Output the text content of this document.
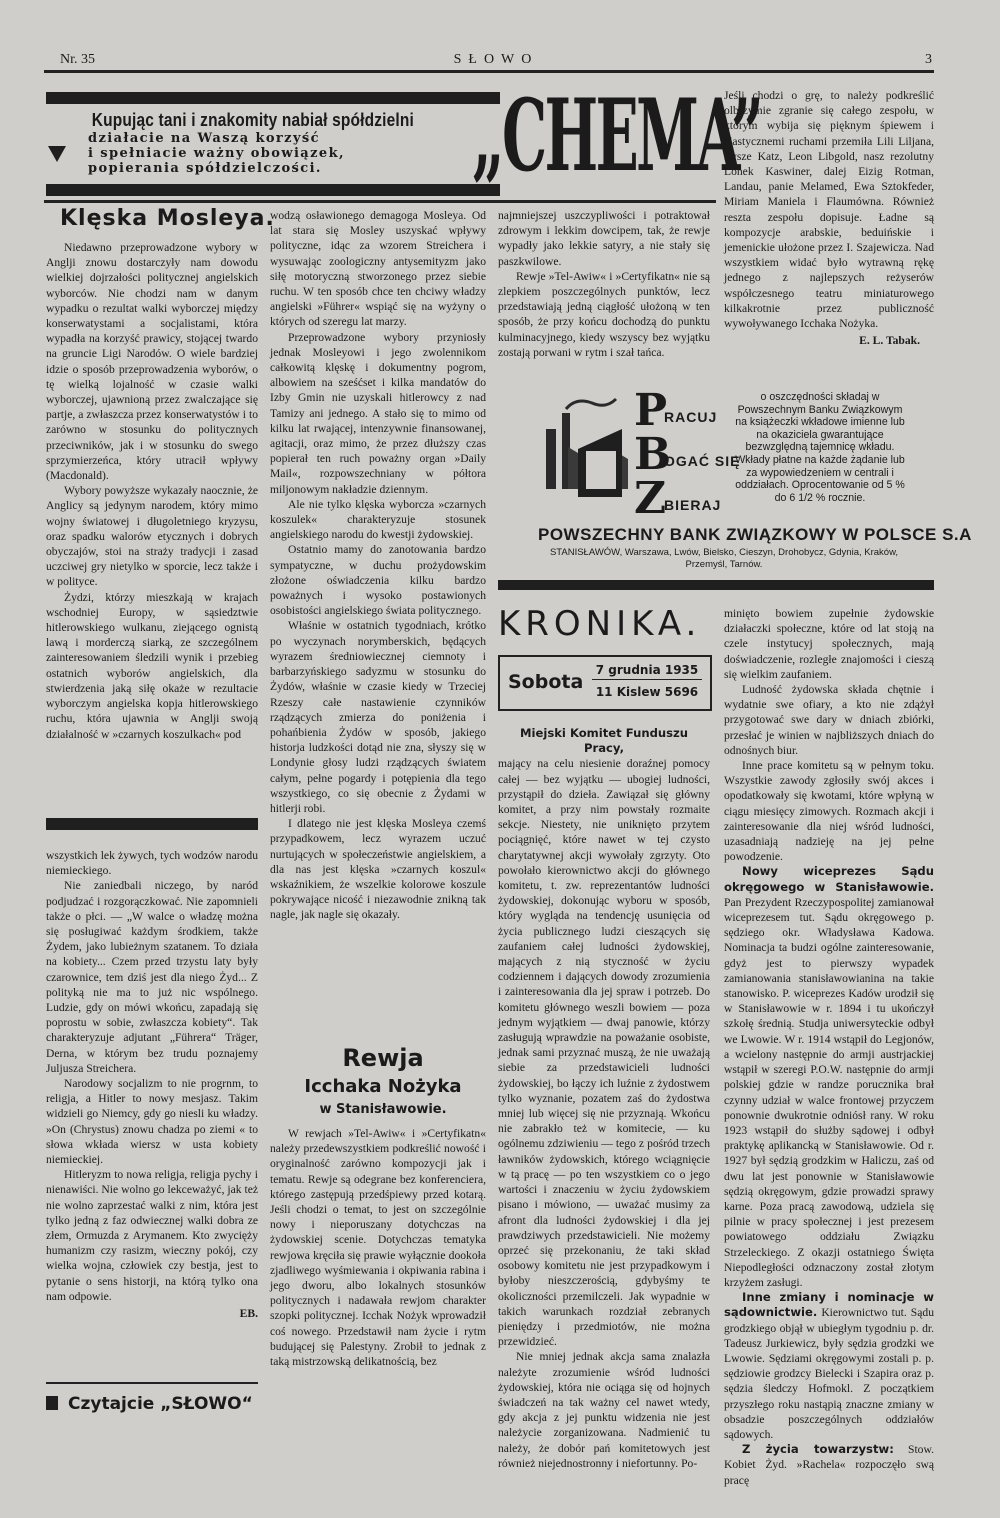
Nr. 35	SŁOWO	3
Kupując tani i znakomity nabiał spółdzielni
działacie na Waszą korzyść
i spełniacie ważny obowiązek,
popierania spółdzielczości.	„CHEMA”
Klęska Mosleya.

Niedawno przeprowadzone wybory w Anglji znowu dostarczyły nam dowodu wielkiej dojrzałości politycznej angielskich wyborców. Nie chodzi nam w danym wypadku o rezultat walki wyborczej między konserwatystami a socjalistami, która wypadła na korzyść prawicy, stojącej twardo na gruncie Ligi Narodów. O wiele bardziej idzie o sposób przeprowadzenia wyborów, o tę wielką lojalność w czasie walki wyborczej, ujawnioną przez zwalczające się partje, a zwłaszcza przez konserwatystów i to zarówno w stosunku do politycznych przeciwników, jak i w stosunku do swego sprzymierzeńca, który utracił wpływy (Macdonald).

Wybory powyższe wykazały naocznie, że Anglicy są jedynym narodem, który mimo wojny światowej i długoletniego kryzysu, oraz spadku walorów etycznych i dobrych obyczajów, stoi na straży tradycji i zasad uczciwej gry nietylko w sporcie, lecz także i w polityce.

Żydzi, którzy mieszkają w krajach wschodniej Europy, w sąsiedztwie hitlerowskiego wulkanu, ziejącego ognistą lawą i morderczą siarką, ze szczególnem zainteresowaniem śledzili wynik i przebieg ostatnich wyborów angielskich, dla stwierdzenia jaką siłę okaże w rezultacie wyborczym angielska kopja hitlerowskiego ruchu, która ujawnia w Anglji swoją działalność w »czarnych koszulkach« pod

wszystkich lek żywych, tych wodzów narodu niemieckiego.

Nie zaniedbali niczego, by naród podjudzać i rozgorączkować. Nie zapomnieli także o płci. — „W walce o władzę można się posługiwać każdym środkiem, także Żydem, jako lubieżnym szatanem. To działa na kobiety... Czem przed trzystu laty były czarownice, tem dziś jest dla niego Żyd... Z polityką nie ma to już nic wspólnego. Ludzie, gdy on mówi wkońcu, zapadają się poprostu w sobie, zwłaszcza kobiety“. Tak charakteryzuje adjutant „Führera“ Träger, Derna, w którym bez trudu poznajemy Juljusza Streichera.

Narodowy socjalizm to nie progrnm, to religja, a Hitler to nowy mesjasz. Takim widzieli go Niemcy, gdy go niesli ku władzy. »On (Chrystus) znowu chadza po ziemi « to słowa wkłada wiersz w usta kobiety niemieckiej.

Hitleryzm to nowa religja, religja pychy i nienawiści. Nie wolno go lekceważyć, jak też nie wolno zaprzestać walki z nim, która jest tylko jedną z faz odwiecznej walki dobra ze złem, Ormuzda z Arymanem. Kto zwycięży humanizm czy rasizm, wieczny pokój, czy wielka wojna, człowiek czy bestja, jest to pytanie o sens historji, na którą tylko ona nam odpowie.

EB.

Czytajcie „SŁOWO“

wodzą osławionego demagoga Mosleya. Od lat stara się Mosley uszyskać wpływy polityczne, idąc za wzorem Streichera i wysuwając zoologiczny antysemityzm jako siłę motoryczną stworzonego przez siebie ruchu. W ten sposób chce ten chciwy władzy angielski »Führer« wspiąć się na wyżyny o których od szeregu lat marzy.

Przeprowadzone wybory przyniosły jednak Mosleyowi i jego zwolennikom całkowitą klęskę i dokumentny pogrom, albowiem na sześćset i kilka mandatów do Izby Gmin nie uzyskali hitlerowcy z nad Tamizy ani jednego. A stało się to mimo od kilku lat rwającej, intenzywnie finansowanej, agitacji, oraz mimo, że przez dłuższy czas popierał ten ruch poważny organ »Daily Mail«, rozpowszechniany w półtora miljonowym nakładzie dziennym.

Ale nie tylko klęska wyborcza »czarnych koszulek« charakteryzuje stosunek angielskiego narodu do kwestji żydowskiej.

Ostatnio mamy do zanotowania bardzo sympatyczne, w duchu prożydowskim złożone oświadczenia kilku bardzo poważnych i wysoko postawionych osobistości angielskiego świata politycznego.

Właśnie w ostatnich tygodniach, krótko po wyczynach norymberskich, będących wyrazem średniowiecznej ciemnoty i barbarzyńskiego sadyzmu w stosunku do Żydów, właśnie w czasie kiedy w Trzeciej Rzeszy całe nastawienie czynników rządzących zmierza do poniżenia i pohańbienia Żydów w sposób, jakiego historja ludzkości dotąd nie zna, słyszy się w Londynie głosy ludzi rządzących światem całym, pełne pogardy i potępienia dla tego wszystkiego, co się obecnie z Żydami w hitlerji robi.

I dlatego nie jest klęska Mosleya czemś przypadkowem, lecz wyrazem uczuć nurtujących w społeczeństwie angielskiem, a dla nas jest klęska »czarnych koszul« wskaźnikiem, że wszelkie kolorowe koszule pokrywające nicość i niezawodnie znikną tak nagle, jak nagle się okazały.

Rewja
Icchaka Nożyka
w Stanisławowie.

W rewjach »Tel-Awiw« i »Certyfikatn« należy przedewszystkiem podkreślić nowość i oryginalność zarówno kompozycji jak i tematu. Rewje są odegrane bez konferenciera, którego zastępują przedśpiewy przed kotarą. Jeśli chodzi o temat, to jest on szczególnie nowy i nieporuszany dotychczas na żydowskiej scenie. Dotychczas tematyka rewjowa kręciła się prawie wyłącznie dookoła zjadliwego wyśmiewania i okpiwania rabina i jego dworu, albo lokalnych stosunków politycznych i nadawała rewjom charakter szopki politycznej. Icchak Nożyk wprowadził coś nowego. Przedstawił nam życie i rytm budującej się Palestyny. Zrobił to jednak z taką mistrzowską delikatnością, bez

najmniejszej uszczypliwości i potraktował zdrowym i lekkim dowcipem, tak, że rewje wypadły jako lekkie satyry, a nie stały się paszkwilowe.

Rewje »Tel-Awiw« i »Certyfikatn« nie są zlepkiem poszczególnych punktów, lecz przedstawiają jedną ciągłość ułożoną w ten sposób, że przy końcu dochodzą do punktu kulminacyjnego, kiedy wszyscy bez wyjątku zostają porwani w rytm i szał tańca.

Jeśli chodzi o grę, to należy podkreślić olbrzymie zgranie się całego zespołu, w którym wybija się pięknym śpiewem i elastycznemi ruchami przemiła Lili Liljana, Zysze Katz, Leon Libgold, nasz rezolutny Lonek Kaswiner, dalej Eizig Rotman, Landau, panie Melamed, Ewa Sztokfeder, Miriam Maniela i Flaumówna. Również reszta zespołu dopisuje. Ładne są kompozycje arabskie, beduińskie i jemenickie ułożone przez I. Szajewicza. Nad wszystkiem widać było wytrawną rękę jednego z najlepszych reżyserów współczesnego teatru miniaturowego kilkakrotnie przez publiczność wywoływanego Icchaka Nożyka.

E. L. Tabak.

P
RACUJ
B
OGAĆ SIĘ
Z
BIERAJ
o oszczędności składaj w Powszechnym Banku Związkowym na książeczki wkładowe imienne lub na okaziciela gwarantujące bezwzględną tajemnicę wkładu. Wkłady płatne na każde żądanie lub za wypowiedzeniem w centrali i oddziałach. Oprocentowanie od 5 % do 6 1/2 % rocznie.
POWSZECHNY BANK ZWIĄZKOWY W POLSCE S.A
STANISŁAWÓW, Warszawa, Lwów, Bielsko, Cieszyn, Drohobycz, Gdynia, Kraków, Przemyśl, Tarnów.
KRONIKA.
Sobota
7 grudnia 1935
11 Kislew 5696

Miejski Komitet Funduszu Pracy,

mający na celu niesienie doraźnej pomocy całej — bez wyjątku — ubogiej ludności, przystąpił do dzieła. Zawiązał się główny komitet, a przy nim powstały rozmaite sekcje. Niestety, nie uniknięto przytem pociągnięć, które nawet w tej czysto charytatywnej akcji wywołały zgrzyty. Oto powołało kierownictwo akcji do głównego komitetu, t. zw. reprezentantów ludności żydowskiej, dokonując wyboru w sposób, który wygląda na tendencję usunięcia od życia publicznego ludzi cieszących się zaufaniem całej ludności żydowskiej, mających z nią styczność w życiu codziennem i dających dowody zrozumienia i zainteresowania dla jej spraw i potrzeb. Do komitetu głównego weszli bowiem — poza jednym wyjątkiem — dwaj panowie, którzy zasługują wprawdzie na poważanie osobiste, jednak sami przyznać muszą, że nie uważają siebie za przedstawicieli ludności żydowskiej, bo łączy ich luźnie z żydostwem tylko wyznanie, pozatem zaś do żydostwa mniej lub więcej się nie przyznają. Wkońcu nie zabrakło też w komitecie, — ku ogólnemu zdziwieniu — tego z pośród trzech ławników żydowskich, którego wciągnięcie w tą pracę — po ten wszystkiem co o jego wartości i znaczeniu w życiu żydowskiem pisano i mówiono, — uważać musimy za afront dla ludności żydowskiej i dla jej prawdziwych przedstawicieli. Nie możemy oprzeć się przekonaniu, że taki skład osobowy komitetu nie jest przypadkowym i byłoby nieszczerością, gdybyśmy te okoliczności przemilczeli. Jak wypadnie w takich warunkach rozdział zebranych pieniędzy i przedmiotów, nie można przewidzieć.

Nie mniej jednak akcja sama znalazła należyte zrozumienie wśród ludności żydowskiej, która nie ociąga się od hojnych świadczeń na tak ważny cel nawet wtedy, gdy akcja z jej punktu widzenia nie jest należycie zorganizowana. Nadmienić tu należy, że dobór pań komitetowych jest również niejednostronny i niefortunny. Po-

minięto bowiem zupełnie żydowskie działaczki społeczne, które od lat stoją na czele instytucyj społecznych, mają doświadczenie, rozległe znajomości i cieszą się wielkim zaufaniem.

Ludność żydowska składa chętnie i wydatnie swe ofiary, a kto nie zdążył przygotować swe dary w dniach zbiórki, przesłać je winien w najbliższych dniach do odnośnych biur.

Inne prace komitetu są w pełnym toku. Wszystkie zawody zgłosiły swój akces i opodatkowały się kwotami, które wpłyną w ciągu miesięcy zimowych. Rozmach akcji i zainteresowanie dla niej wśród ludności, uzasadniają nadzieję na jej pełne powodzenie.

Nowy wiceprezes Sądu okręgowego w Stanisławowie. Pan Prezydent Rzeczypospolitej zamianował wiceprezesem tut. Sądu okręgowego p. sędziego okr. Władysława Kadowa. Nominacja ta budzi ogólne zainteresowanie, gdyż jest to pierwszy wypadek zamianowania stanisławowianina na takie stanowisko. P. wiceprezes Kadów urodził się w Stanisławowie w r. 1894 i tu ukończył szkołę średnią. Studja uniwersyteckie odbył we Lwowie. W r. 1914 wstąpił do Legjonów, a wcielony następnie do armji austrjackiej wstąpił w szeregi P.O.W. następnie do armji polskiej gdzie w randze porucznika brał czynny udział w walce frontowej przyczem ponownie dwukrotnie odniósł rany. W roku 1923 wstąpił do służby sądowej i odbył praktykę aplikancką w Stanisławowie. Od r. 1927 był sędzią grodzkim w Haliczu, zaś od dwu lat jest ponownie w Stanisławowie sędzią okręgowym, gdzie prowadzi sprawy karne. Poza pracą zawodową, udziela się pilnie w pracy społecznej i jest prezesem powiatowego oddziału Związku Strzeleckiego. Z okazji ostatniego Święta Niepodległości odznaczony został złotym krzyżem zasługi.

Inne zmiany i nominacje w sądownictwie. Kierownictwo tut. Sądu grodzkiego objął w ubiegłym tygodniu p. dr. Tadeusz Jurkiewicz, były sędzia grodzki we Lwowie. Sędziami okręgowymi zostali p. p. sędziowie grodzcy Bielecki i Szapira oraz p. sędzia śledczy Hofmokl. Z początkiem przyszłego roku nastąpią znaczne zmiany w obsadzie poszczególnych oddziałów sądowych.

Z życia towarzystw: Stow. Kobiet Żyd. »Rachela« rozpoczęło swą pracę
